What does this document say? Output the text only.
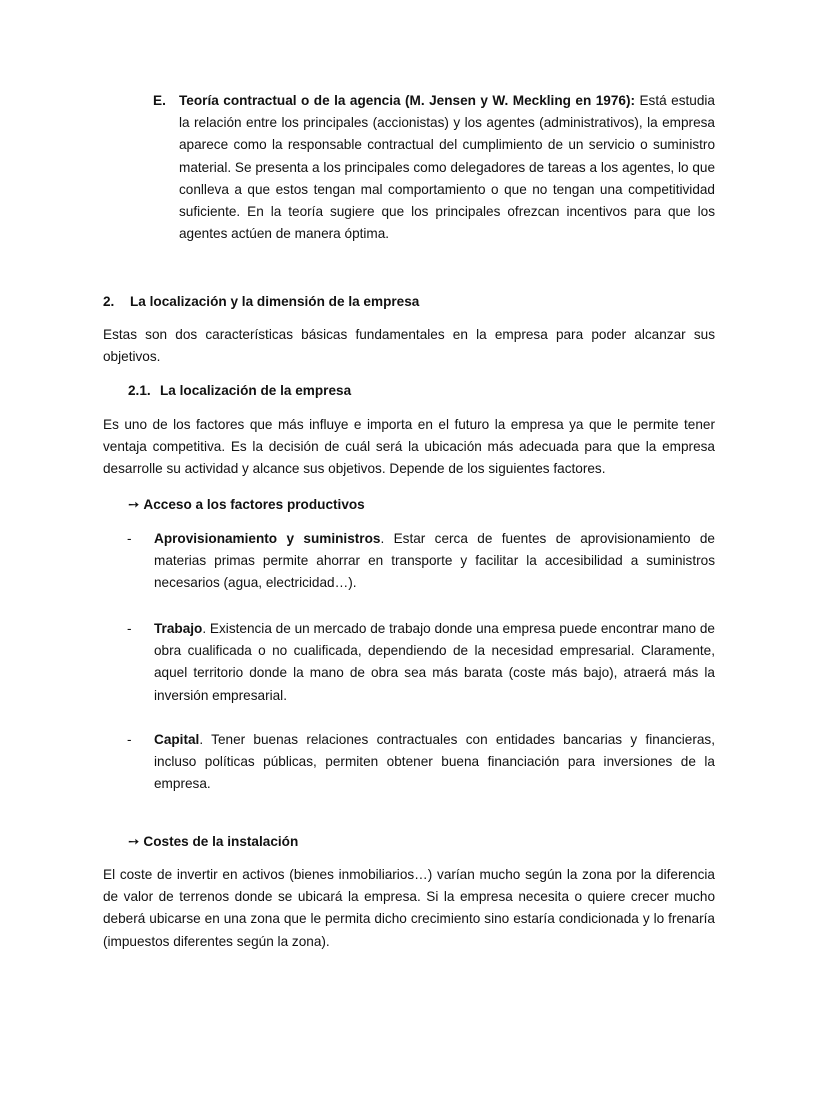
E. Teoría contractual o de la agencia (M. Jensen y W. Meckling en 1976): Está estudia la relación entre los principales (accionistas) y los agentes (administrativos), la empresa aparece como la responsable contractual del cumplimiento de un servicio o suministro material. Se presenta a los principales como delegadores de tareas a los agentes, lo que conlleva a que estos tengan mal comportamiento o que no tengan una competitividad suficiente. En la teoría sugiere que los principales ofrezcan incentivos para que los agentes actúen de manera óptima.
2. La localización y la dimensión de la empresa
Estas son dos características básicas fundamentales en la empresa para poder alcanzar sus objetivos.
2.1. La localización de la empresa
Es uno de los factores que más influye e importa en el futuro la empresa ya que le permite tener ventaja competitiva. Es la decisión de cuál será la ubicación más adecuada para que la empresa desarrolle su actividad y alcance sus objetivos. Depende de los siguientes factores.
➙ Acceso a los factores productivos
- Aprovisionamiento y suministros. Estar cerca de fuentes de aprovisionamiento de materias primas permite ahorrar en transporte y facilitar la accesibilidad a suministros necesarios (agua, electricidad…).
- Trabajo. Existencia de un mercado de trabajo donde una empresa puede encontrar mano de obra cualificada o no cualificada, dependiendo de la necesidad empresarial. Claramente, aquel territorio donde la mano de obra sea más barata (coste más bajo), atraerá más la inversión empresarial.
- Capital. Tener buenas relaciones contractuales con entidades bancarias y financieras, incluso políticas públicas, permiten obtener buena financiación para inversiones de la empresa.
➙ Costes de la instalación
El coste de invertir en activos (bienes inmobiliarios…) varían mucho según la zona por la diferencia de valor de terrenos donde se ubicará la empresa. Si la empresa necesita o quiere crecer mucho deberá ubicarse en una zona que le permita dicho crecimiento sino estaría condicionada y lo frenaría (impuestos diferentes según la zona).
